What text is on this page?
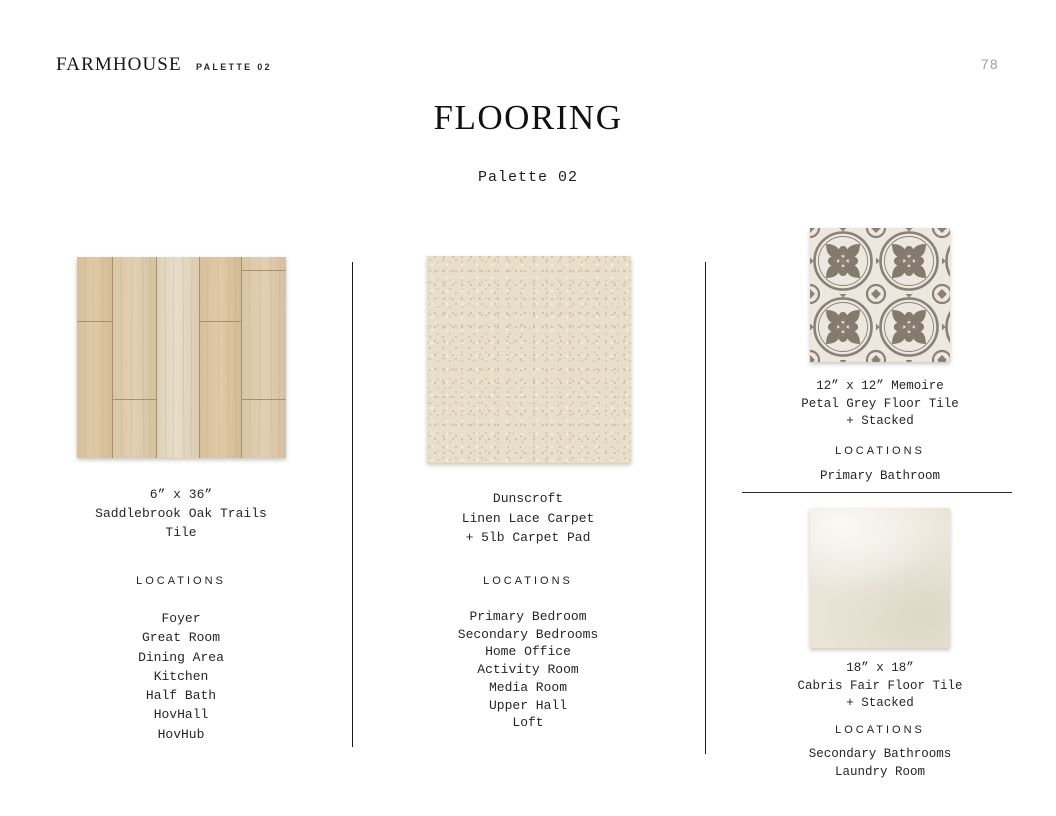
FARMHOUSE PALETTE 02	78
FLOORING
Palette 02
6” x 36”
Saddlebrook Oak Trails
Tile
LOCATIONS
Foyer
Great Room
Dining Area
Kitchen
Half Bath
HovHall
HovHub
Dunscroft
Linen Lace Carpet
+ 5lb Carpet Pad
LOCATIONS
Primary Bedroom
Secondary Bedrooms
Home Office
Activity Room
Media Room
Upper Hall
Loft
12” x 12” Memoire
Petal Grey Floor Tile
+ Stacked
LOCATIONS
Primary Bathroom
18” x 18”
Cabris Fair Floor Tile
+ Stacked
LOCATIONS
Secondary Bathrooms
Laundry Room
